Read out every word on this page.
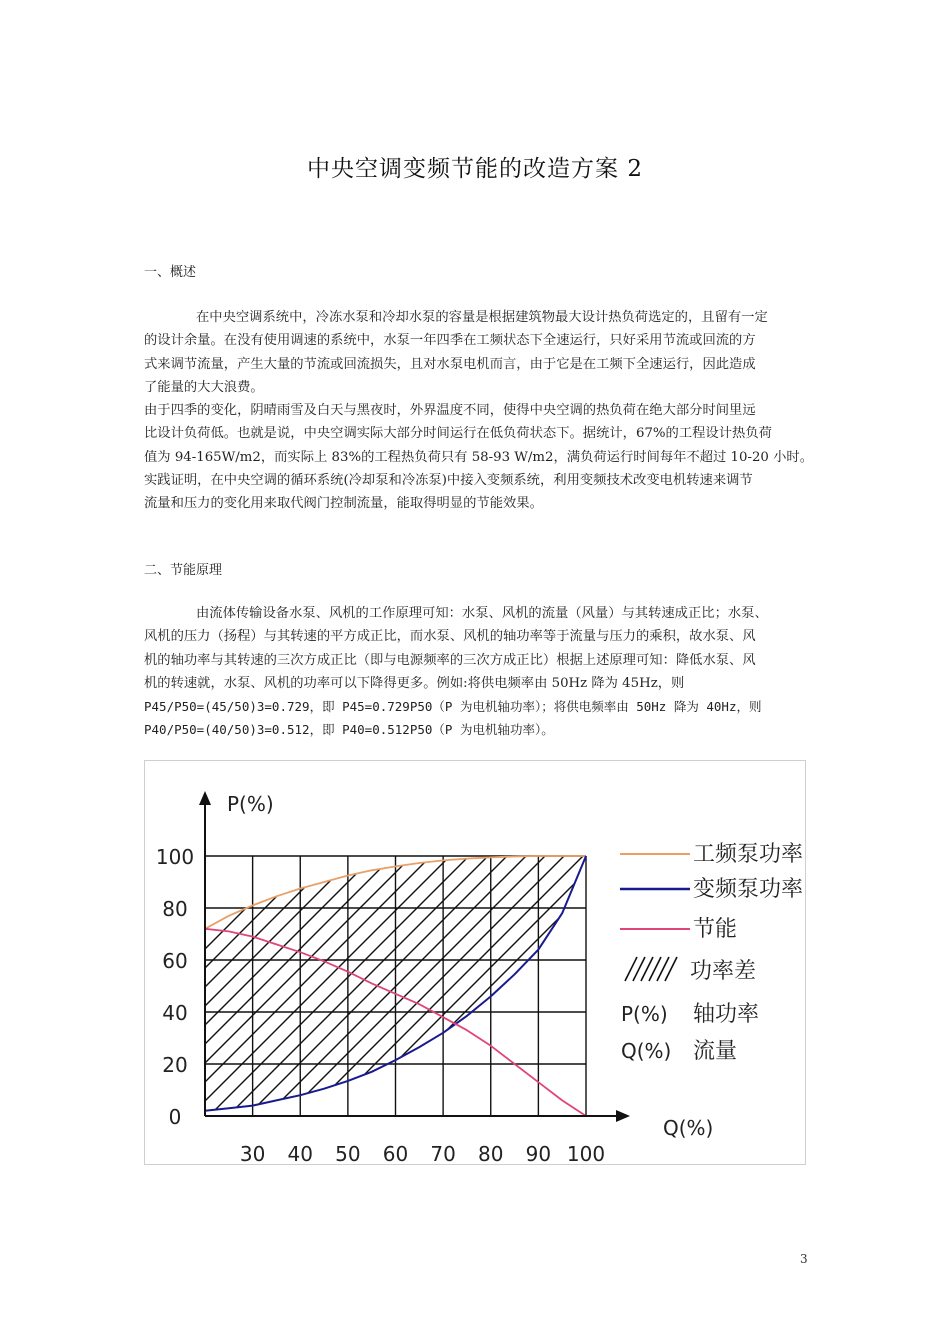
中央空调变频节能的改造方案 2
一、概述

在中央空调系统中，冷冻水泵和冷却水泵的容量是根据建筑物最大设计热负荷选定的，且留有一定
的设计余量。在没有使用调速的系统中，水泵一年四季在工频状态下全速运行，只好采用节流或回流的方
式来调节流量，产生大量的节流或回流损失，且对水泵电机而言，由于它是在工频下全速运行，因此造成
了能量的大大浪费。

由于四季的变化，阴晴雨雪及白天与黑夜时，外界温度不同，使得中央空调的热负荷在绝大部分时间里远
比设计负荷低。也就是说，中央空调实际大部分时间运行在低负荷状态下。据统计，67%的工程设计热负荷
值为 94-165W/m2，而实际上 83%的工程热负荷只有 58-93 W/m2，满负荷运行时间每年不超过 10-20 小时。
实践证明，在中央空调的循环系统(冷却泵和冷冻泵)中接入变频系统，利用变频技术改变电机转速来调节
流量和压力的变化用来取代阀门控制流量，能取得明显的节能效果。

二、节能原理

由流体传输设备水泵、风机的工作原理可知：水泵、风机的流量（风量）与其转速成正比；水泵、
风机的压力（扬程）与其转速的平方成正比，而水泵、风机的轴功率等于流量与压力的乘积，故水泵、风
机的轴功率与其转速的三次方成正比（即与电源频率的三次方成正比）根据上述原理可知：降低水泵、风
机的转速就，水泵、风机的功率可以下降得更多。例如:将供电频率由 50Hz 降为 45Hz，则
P45/P50=(45/50)3=0.729，即 P45=0.729P50（P 为电机轴功率）；将供电频率由 50Hz 降为 40Hz，则
P40/P50=(40/50)3=0.512，即 P40=0.512P50（P 为电机轴功率）。

P(%)
Q(%)
100
80
60
40
20
0
30 40 50 60 70 80 90 100
工频泵功率
变频泵功率
节能
功率差
P(%) 轴功率
Q(%) 流量
3
